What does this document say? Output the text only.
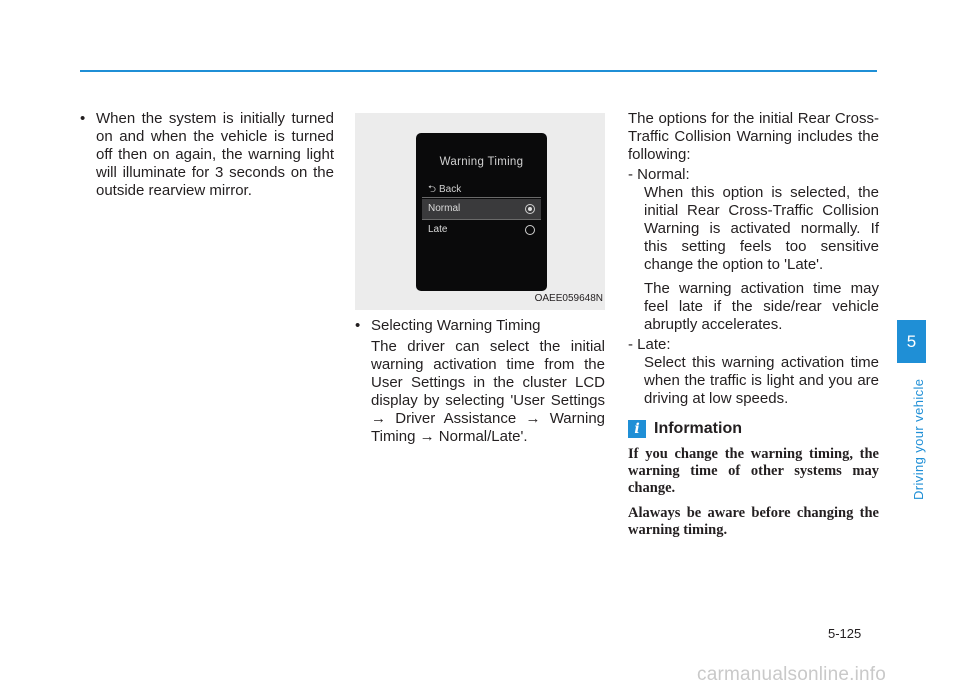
• When the system is initially turned on and when the vehicle is turned off then on again, the warning light will illuminate for 3 seconds on the outside rearview mirror.
Warning Timing
⮌ Back
Normal
Late
OAEE059648N
• Selecting Warning Timing

The driver can select the initial warning activation time from the User Settings in the cluster LCD display by selecting 'User Settings → Driver Assistance → Warning Timing → Normal/Late'.

The options for the initial Rear Cross-Traffic Collision Warning includes the following:

- Normal:

When this option is selected, the initial Rear Cross-Traffic Collision Warning is activated normally. If this setting feels too sensitive change the option to 'Late'.

The warning activation time may feel late if the side/rear vehicle abruptly accelerates.

- Late:

Select this warning activation time when the traffic is light and you are driving at low speeds.

i Information

If you change the warning timing, the warning time of other systems may change.

Alaways be aware before changing the warning timing.

5
Driving your vehicle
5-125
carmanualsonline.info
